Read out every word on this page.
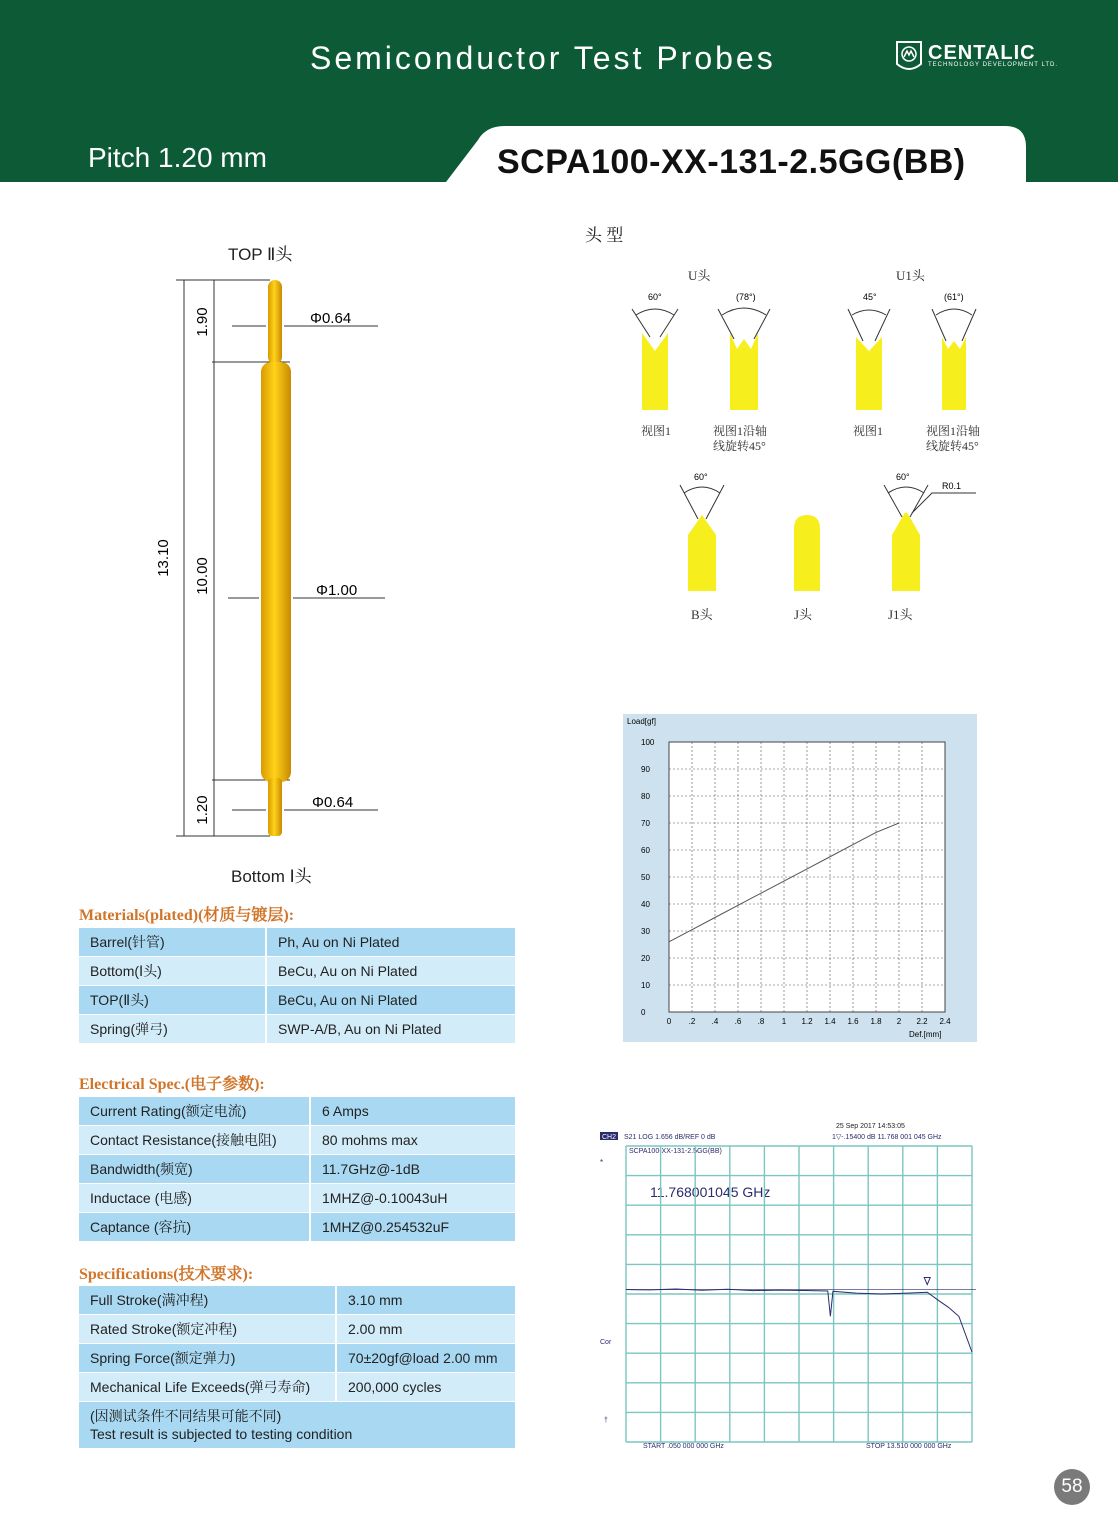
Semiconductor Test Probes	CENTALIC
TECHNOLOGY DEVELOPMENT LTD.
Pitch 1.20 mm	SCPA100-XX-131-2.5GG(BB)
TOP Ⅱ头
Bottom Ⅰ头
13.10
1.90
10.00
1.20
Φ0.64
Φ1.00
Φ0.64
头 型
U头	U1头
60°	(78°)	45°	(61°)
60°	60°
R0.1
视图1	视图1沿轴
线旋转45°
视图1	视图1沿轴
线旋转45°
B头	J头	J1头
Load[gf]
Def.[mm]
0 .2 .4 .6 .8 1 1.2 1.4 1.6 1.8 2 2.2 2.4
0
10
20
30
40
50
60
70
80
90
100
CH2 S21 LOG 1.656 dB/REF 0 dB
25 Sep 2017 14:53:05
1▽-.15400 dB 11.768 001 045 GHz
SCPA100-XX-131-2.5GG(BB)
11.768001045 GHz
*
Cor
†
START .050 000 000 GHz	STOP 13.510 000 000 GHz
Materials(plated)(材质与镀层):
Barrel(针管)	Ph, Au on Ni Plated
Bottom(Ⅰ头)	BeCu, Au on Ni Plated
TOP(Ⅱ头)	BeCu, Au on Ni Plated
Spring(弹弓)	SWP-A/B, Au on Ni Plated
Electrical Spec.(电子参数):
Current Rating(额定电流)	6 Amps
Contact Resistance(接触电阻)	80 mohms max
Bandwidth(频宽)	11.7GHz@-1dB
Inductace (电感)	1MHZ@-0.10043uH
Captance (容抗)	1MHZ@0.254532uF
Specifications(技术要求):
Full Stroke(满冲程)	3.10 mm
Rated Stroke(额定冲程)	2.00 mm
Spring Force(额定弹力)	70±20gf@load 2.00 mm
Mechanical Life Exceeds(弹弓寿命)	200,000 cycles

(因测试条件不同结果可能不同)
Test result is subjected to testing condition	
58
